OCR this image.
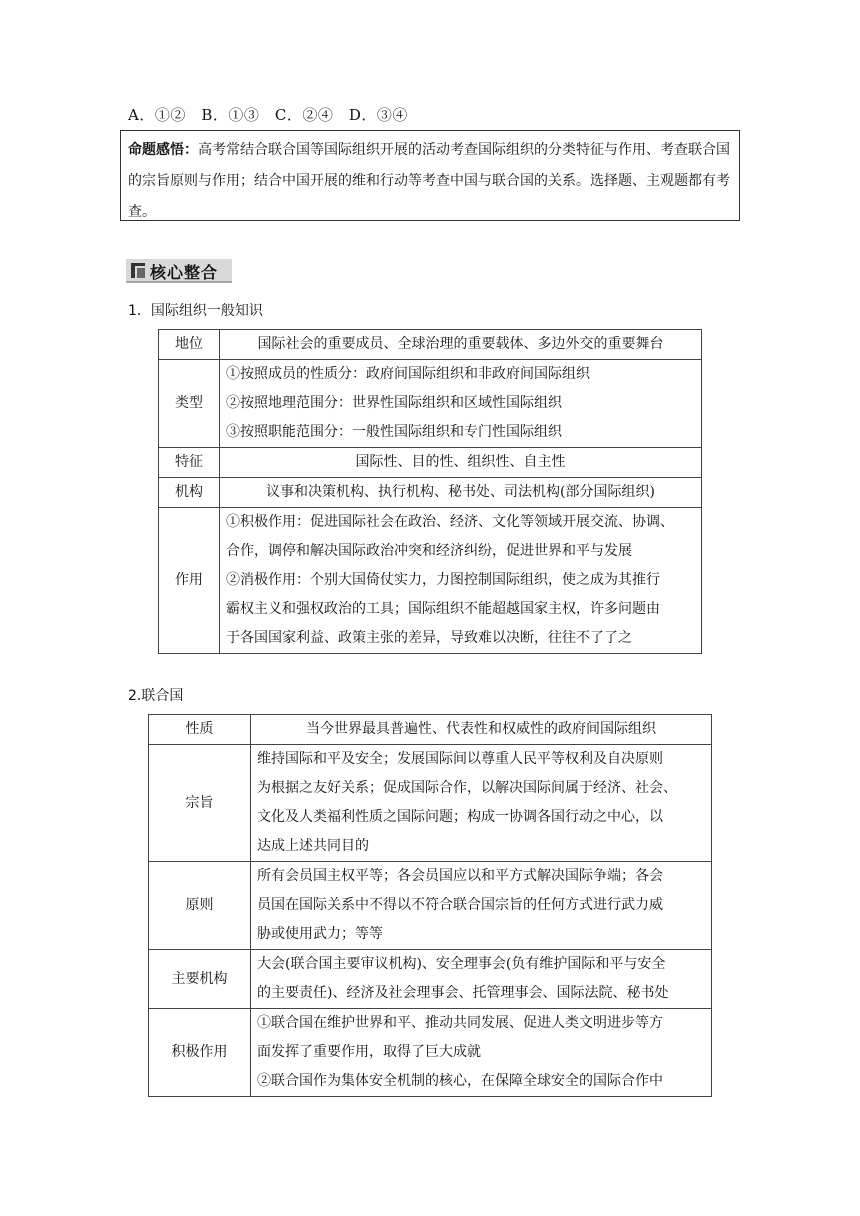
A．①②　B．①③　C．②④　D．③④
命题感悟：高考常结合联合国等国际组织开展的活动考查国际组织的分类特征与作用、考查联合国的宗旨原则与作用；结合中国开展的维和行动等考查中国与联合国的关系。选择题、主观题都有考查。
核心整合
1．国际组织一般知识
地位	国际社会的重要成员、全球治理的重要载体、多边外交的重要舞台

类型	①按照成员的性质分：政府间国际组织和非政府间国际组织
②按照地理范围分：世界性国际组织和区域性国际组织
③按照职能范围分：一般性国际组织和专门性国际组织

特征	国际性、目的性、组织性、自主性

机构	议事和决策机构、执行机构、秘书处、司法机构(部分国际组织)

作用	①积极作用：促进国际社会在政治、经济、文化等领域开展交流、协调、
合作，调停和解决国际政治冲突和经济纠纷，促进世界和平与发展
②消极作用：个别大国倚仗实力，力图控制国际组织，使之成为其推行
霸权主义和强权政治的工具；国际组织不能超越国家主权，许多问题由
于各国国家利益、政策主张的差异，导致难以决断，往往不了了之
2.联合国
性质	当今世界最具普遍性、代表性和权威性的政府间国际组织

宗旨	维持国际和平及安全；发展国际间以尊重人民平等权利及自决原则
为根据之友好关系；促成国际合作，以解决国际间属于经济、社会、
文化及人类福利性质之国际问题；构成一协调各国行动之中心，以
达成上述共同目的

原则	所有会员国主权平等；各会员国应以和平方式解决国际争端；各会
员国在国际关系中不得以不符合联合国宗旨的任何方式进行武力威
胁或使用武力；等等

主要机构	大会(联合国主要审议机构)、安全理事会(负有维护国际和平与安全
的主要责任)、经济及社会理事会、托管理事会、国际法院、秘书处

积极作用	①联合国在维护世界和平、推动共同发展、促进人类文明进步等方
面发挥了重要作用，取得了巨大成就
②联合国作为集体安全机制的核心，在保障全球安全的国际合作中
